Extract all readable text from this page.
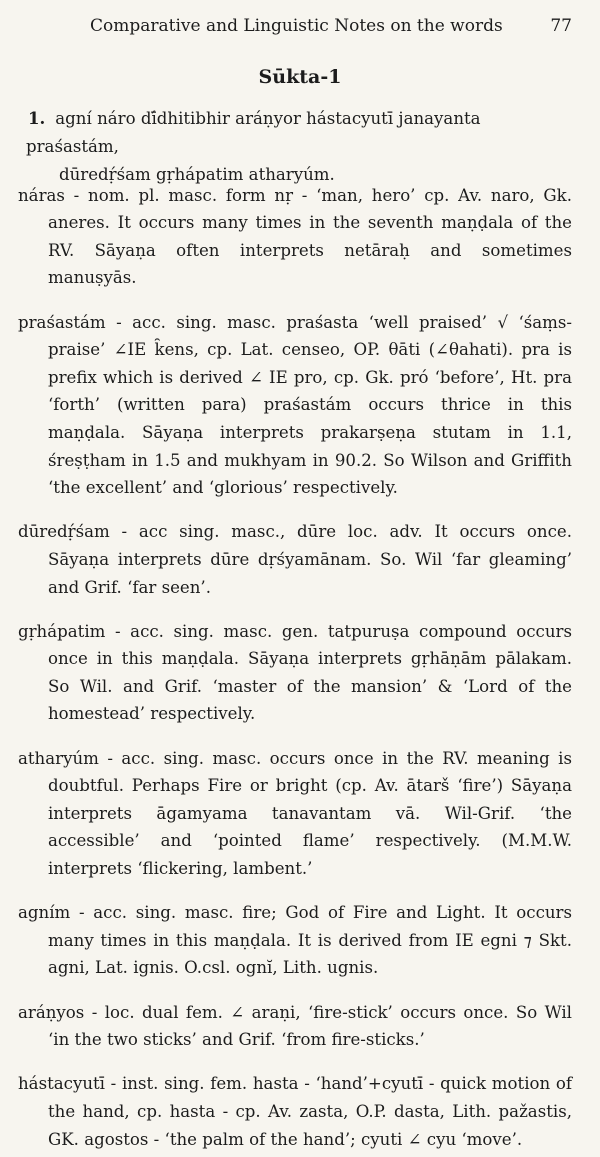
Comparative and Linguistic Notes on the words	77
Sūkta-1
1. agní náro dī́dhitibhir aráṇyor hástacyutī janayanta praśastám,
dūredṛ́śam gṛhápatim atharyúm.

náras - nom. pl. masc. form nṛ - ‘man, hero’ cp. Av. naro, Gk. aneres. It occurs many times in the seventh maṇḍala of the RV. Sāyaṇa often interprets netāraḥ and sometimes manuṣyās.

praśastám - acc. sing. masc. praśasta ‘well praised’ √ ‘śaṃs-praise’ ∠IE k̑ens, cp. Lat. censeo, OP. θāti (∠θahati). pra is prefix which is derived ∠ IE pro, cp. Gk. pró ‘before’, Ht. pra ‘forth’ (written para) praśastám occurs thrice in this maṇḍala. Sāyaṇa interprets prakarṣeṇa stutam in 1.1, śreṣṭham in 1.5 and mukhyam in 90.2. So Wilson and Griffith ‘the excellent’ and ‘glorious’ respectively.

dūredṛ́śam - acc sing. masc., dūre loc. adv. It occurs once. Sāyaṇa interprets dūre dṛśyamānam. So. Wil ‘far gleaming’ and Grif. ‘far seen’.

gṛhápatim - acc. sing. masc. gen. tatpuruṣa compound occurs once in this maṇḍala. Sāyaṇa interprets gṛhāṇām pālakam. So Wil. and Grif. ‘master of the mansion’ & ‘Lord of the homestead’ respectively.

atharyúm - acc. sing. masc. occurs once in the RV. meaning is doubtful. Perhaps Fire or bright (cp. Av. ātarš ‘fire’) Sāyaṇa interprets āgamyama tanavantam vā. Wil-Grif. ‘the accessible’ and ‘pointed flame’ respectively. (M.M.W. interprets ‘flickering, lambent.’

agním - acc. sing. masc. fire; God of Fire and Light. It occurs many times in this maṇḍala. It is derived from IE egni ⁊ Skt. agni, Lat. ignis. O.csl. ognĭ, Lith. ugnis.

aráṇyos - loc. dual fem. ∠ araṇi, ‘fire-stick’ occurs once. So Wil ‘in the two sticks’ and Grif. ‘from fire-sticks.’

hástacyutī - inst. sing. fem. hasta - ‘hand’+cyutī - quick motion of the hand, cp. hasta - cp. Av. zasta, O.P. dasta, Lith. pažastis, GK. agostos - ‘the palm of the hand’; cyuti ∠ cyu ‘move’.
